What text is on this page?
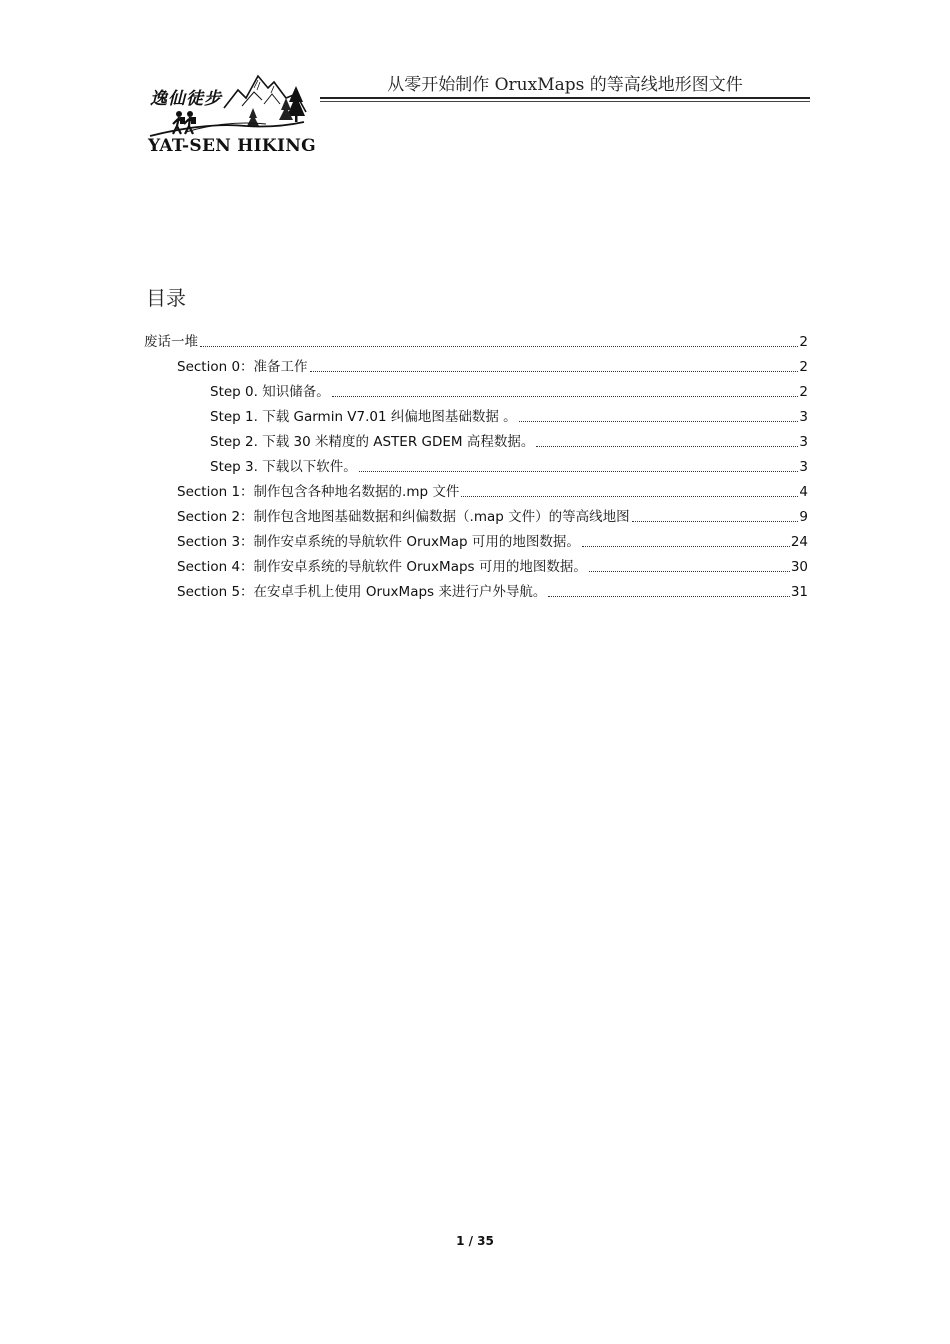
逸仙徒步
YAT-SEN HIKING
从零开始制作 OruxMaps 的等高线地形图文件
目录
废话一堆	2
Section 0：准备工作	2
Step 0. 知识储备。	2
Step 1. 下载 Garmin V7.01 纠偏地图基础数据 。	3
Step 2. 下载 30 米精度的 ASTER GDEM 高程数据。	3
Step 3. 下载以下软件。	3
Section 1：制作包含各种地名数据的.mp 文件	4
Section 2：制作包含地图基础数据和纠偏数据（.map 文件）的等高线地图	9
Section 3：制作安卓系统的导航软件 OruxMap 可用的地图数据。	24
Section 4：制作安卓系统的导航软件 OruxMaps 可用的地图数据。	30
Section 5：在安卓手机上使用 OruxMaps 来进行户外导航。	31
1 / 35
